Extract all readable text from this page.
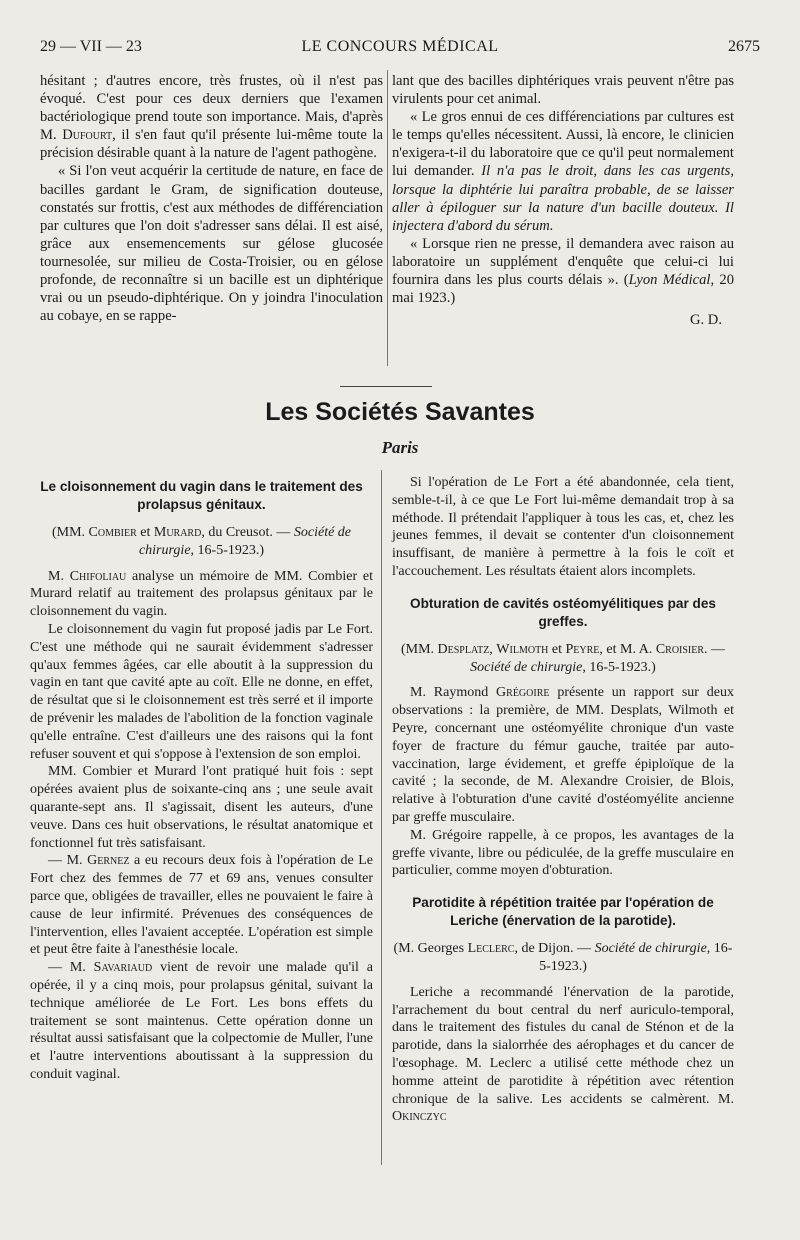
29 — VII — 23	LE CONCOURS MÉDICAL	2675

hésitant ; d'autres encore, très frustes, où il n'est pas évoqué. C'est pour ces deux derniers que l'examen bactériologique prend toute son importance. Mais, d'après M. Dufourt, il s'en faut qu'il présente lui-même toute la précision désirable quant à la nature de l'agent pathogène.

« Si l'on veut acquérir la certitude de nature, en face de bacilles gardant le Gram, de signification douteuse, constatés sur frottis, c'est aux méthodes de différenciation par cultures que l'on doit s'adresser sans délai. Il est aisé, grâce aux ensemencements sur gélose glucosée tournesolée, sur milieu de Costa-Troisier, ou en gélose profonde, de reconnaître si un bacille est un diphtérique vrai ou un pseudo-diphtérique. On y joindra l'inoculation au cobaye, en se rappe-

lant que des bacilles diphtériques vrais peuvent n'être pas virulents pour cet animal.

« Le gros ennui de ces différenciations par cultures est le temps qu'elles nécessitent. Aussi, là encore, le clinicien n'exigera-t-il du laboratoire que ce qu'il peut normalement lui demander. Il n'a pas le droit, dans les cas urgents, lorsque la diphtérie lui paraîtra probable, de se laisser aller à épiloguer sur la nature d'un bacille douteux. Il injectera d'abord du sérum.

« Lorsque rien ne presse, il demandera avec raison au laboratoire un supplément d'enquête que celui-ci lui fournira dans les plus courts délais ». (Lyon Médical, 20 mai 1923.)

G. D.

Les Sociétés Savantes
Paris

Le cloisonnement du vagin dans le traitement des prolapsus génitaux.

(MM. Combier et Murard, du Creusot. — Société de chirurgie, 16-5-1923.)

M. Chifoliau analyse un mémoire de MM. Combier et Murard relatif au traitement des prolapsus génitaux par le cloisonnement du vagin.

Le cloisonnement du vagin fut proposé jadis par Le Fort. C'est une méthode qui ne saurait évidemment s'adresser qu'aux femmes âgées, car elle aboutit à la suppression du vagin en tant que cavité apte au coït. Elle ne donne, en effet, de résultat que si le cloisonnement est très serré et il importe de prévenir les malades de l'abolition de la fonction vaginale qu'elle entraîne. C'est d'ailleurs une des raisons qui la font refuser souvent et qui s'oppose à l'extension de son emploi.

MM. Combier et Murard l'ont pratiqué huit fois : sept opérées avaient plus de soixante-cinq ans ; une seule avait quarante-sept ans. Il s'agissait, disent les auteurs, d'une veuve. Dans ces huit observations, le résultat anatomique et fonctionnel fut très satisfaisant.

— M. Gernez a eu recours deux fois à l'opération de Le Fort chez des femmes de 77 et 69 ans, venues consulter parce que, obligées de travailler, elles ne pouvaient le faire à cause de leur infirmité. Prévenues des conséquences de l'intervention, elles l'avaient acceptée. L'opération est simple et peut être faite à l'anesthésie locale.

— M. Savariaud vient de revoir une malade qu'il a opérée, il y a cinq mois, pour prolapsus génital, suivant la technique améliorée de Le Fort. Les bons effets du traitement se sont maintenus. Cette opération donne un résultat aussi satisfaisant que la colpectomie de Muller, l'une et l'autre interventions aboutissant à la suppression du conduit vaginal.

Si l'opération de Le Fort a été abandonnée, cela tient, semble-t-il, à ce que Le Fort lui-même demandait trop à sa méthode. Il prétendait l'appliquer à tous les cas, et, chez les jeunes femmes, il devait se contenter d'un cloisonnement insuffisant, de manière à permettre à la fois le coït et l'accouchement. Les résultats étaient alors incomplets.

Obturation de cavités ostéomyélitiques par des greffes.

(MM. Desplatz, Wilmoth et Peyre, et M. A. Croisier. — Société de chirurgie, 16-5-1923.)

M. Raymond Grégoire présente un rapport sur deux observations : la première, de MM. Desplats, Wilmoth et Peyre, concernant une ostéomyélite chronique d'un vaste foyer de fracture du fémur gauche, traitée par auto-vaccination, large évidement, et greffe épiploïque de la cavité ; la seconde, de M. Alexandre Croisier, de Blois, relative à l'obturation d'une cavité d'ostéomyélite ancienne par greffe musculaire.

M. Grégoire rappelle, à ce propos, les avantages de la greffe vivante, libre ou pédiculée, de la greffe musculaire en particulier, comme moyen d'obturation.

Parotidite à répétition traitée par l'opération de Leriche (énervation de la parotide).

(M. Georges Leclerc, de Dijon. — Société de chirurgie, 16-5-1923.)

Leriche a recommandé l'énervation de la parotide, l'arrachement du bout central du nerf auriculo-temporal, dans le traitement des fistules du canal de Sténon et de la parotide, dans la sialorrhée des aérophages et du cancer de l'œsophage. M. Leclerc a utilisé cette méthode chez un homme atteint de parotidite à répétition avec rétention chronique de la salive. Les accidents se calmèrent. M. Okinczyc
